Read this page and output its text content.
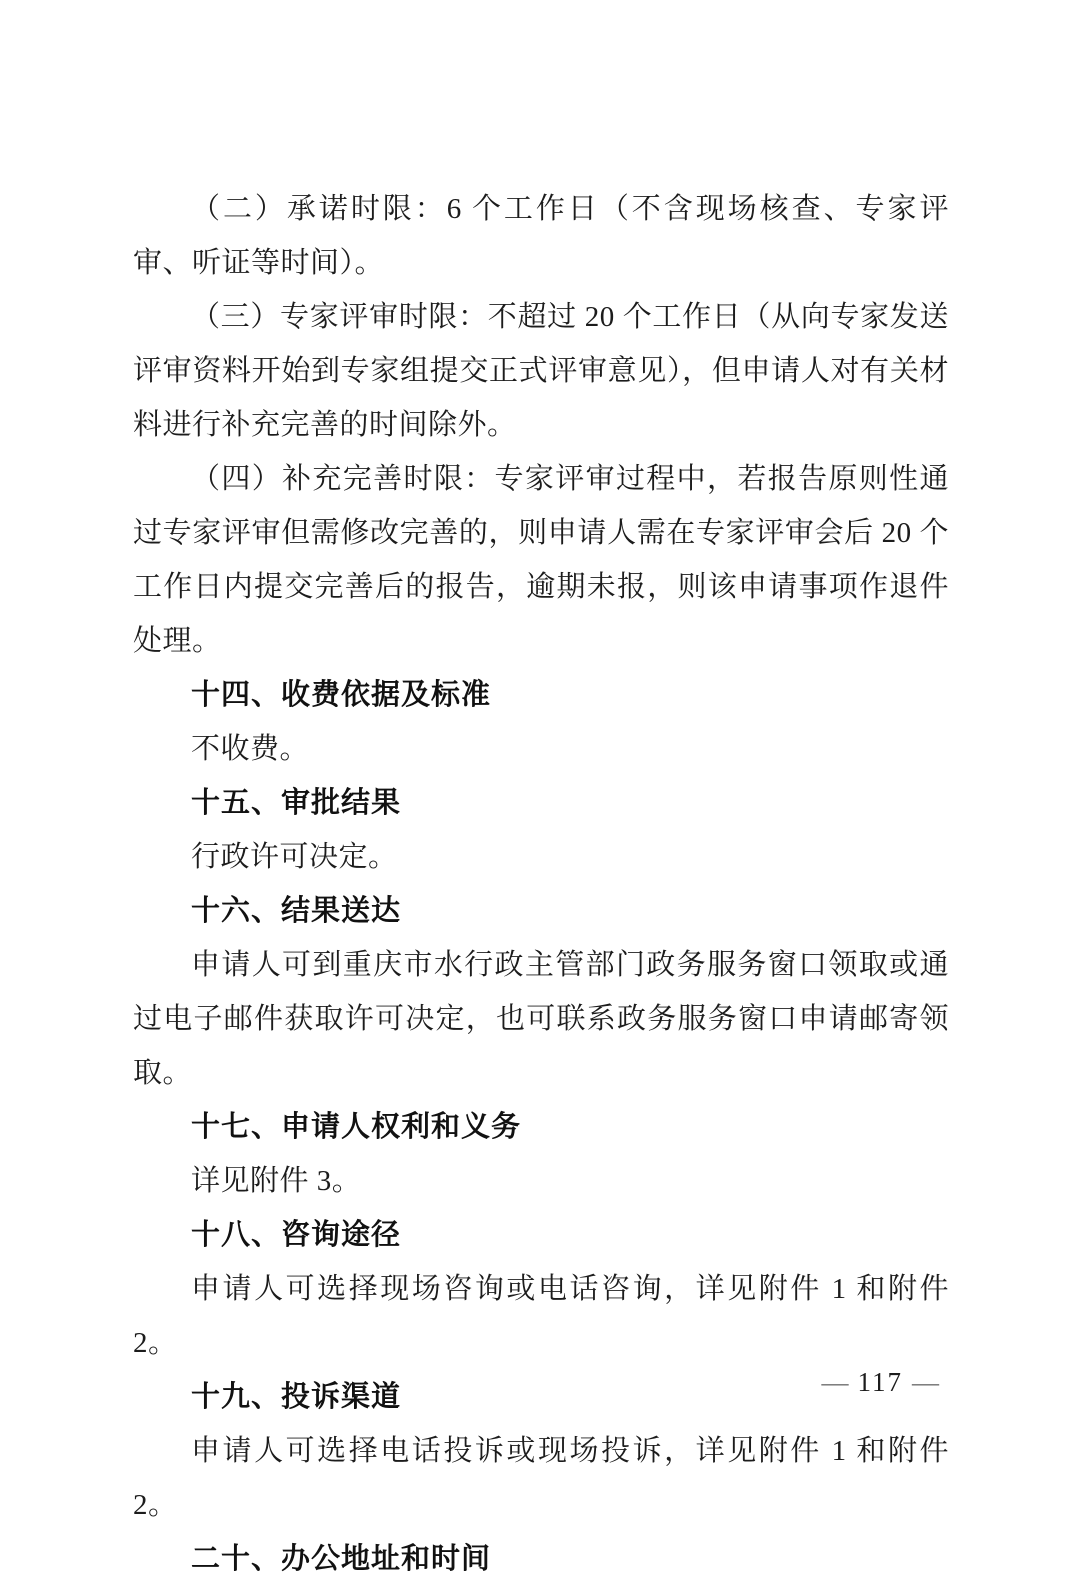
（二）承诺时限：6 个工作日（不含现场核查、专家评审、听证等时间）。

（三）专家评审时限：不超过 20 个工作日（从向专家发送评审资料开始到专家组提交正式评审意见），但申请人对有关材料进行补充完善的时间除外。

（四）补充完善时限：专家评审过程中，若报告原则性通过专家评审但需修改完善的，则申请人需在专家评审会后 20 个工作日内提交完善后的报告，逾期未报，则该申请事项作退件处理。

十四、收费依据及标准

不收费。

十五、审批结果

行政许可决定。

十六、结果送达

申请人可到重庆市水行政主管部门政务服务窗口领取或通过电子邮件获取许可决定，也可联系政务服务窗口申请邮寄领取。

十七、申请人权利和义务

详见附件 3。

十八、咨询途径

申请人可选择现场咨询或电话咨询，详见附件 1 和附件 2。

十九、投诉渠道

申请人可选择电话投诉或现场投诉，详见附件 1 和附件 2。

二十、办公地址和时间
— 117 —
